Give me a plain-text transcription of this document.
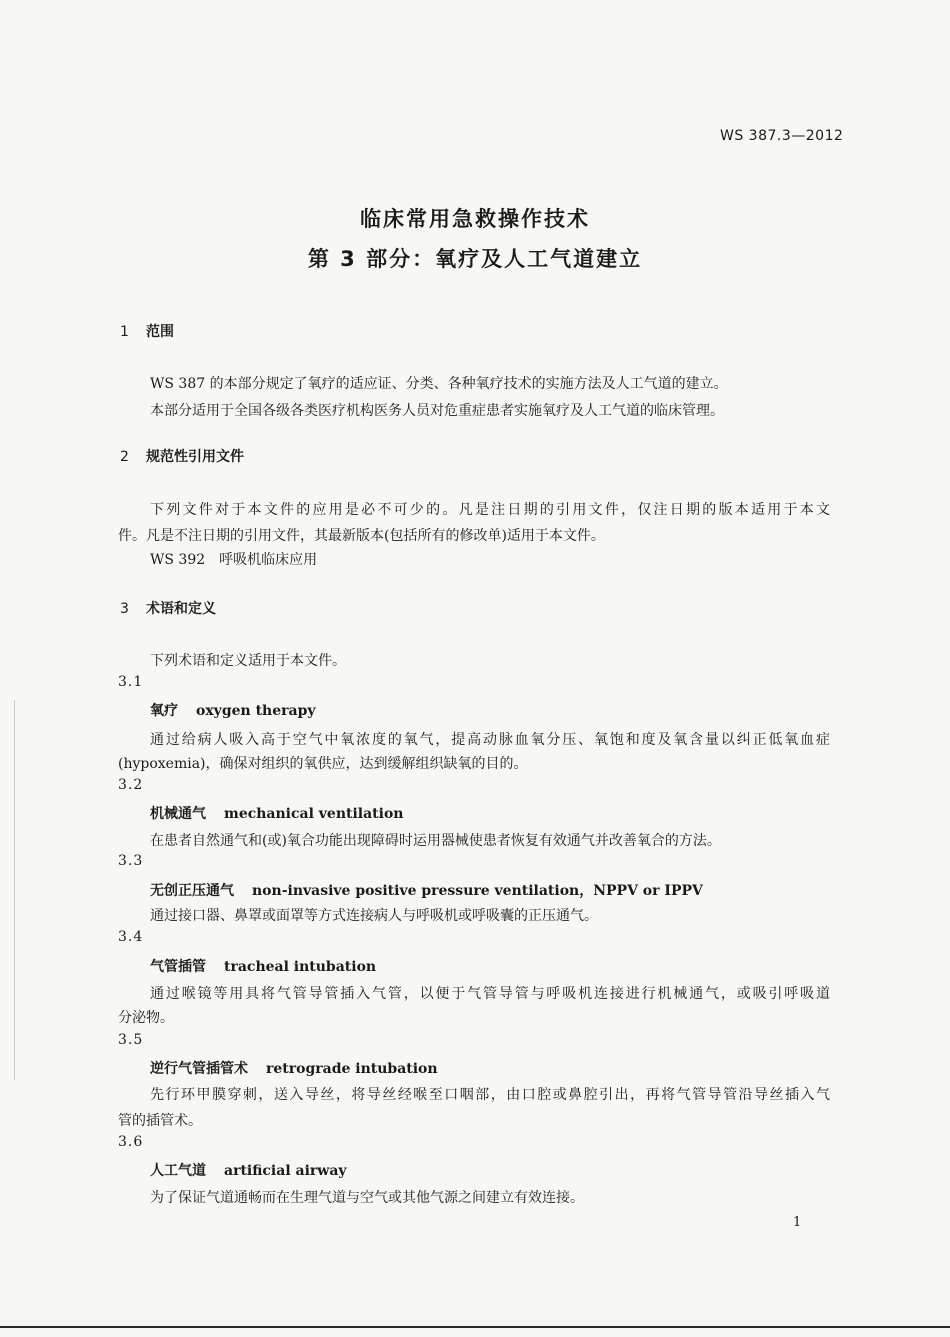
WS 387.3—2012
临床常用急救操作技术
第 3 部分：氧疗及人工气道建立
1 范围
WS 387 的本部分规定了氧疗的适应证、分类、各种氧疗技术的实施方法及人工气道的建立。
本部分适用于全国各级各类医疗机构医务人员对危重症患者实施氧疗及人工气道的临床管理。
2 规范性引用文件
下列文件对于本文件的应用是必不可少的。凡是注日期的引用文件，仅注日期的版本适用于本文
件。凡是不注日期的引用文件，其最新版本(包括所有的修改单)适用于本文件。
WS 392　呼吸机临床应用
3 术语和定义
下列术语和定义适用于本文件。
3.1
氧疗 oxygen therapy
通过给病人吸入高于空气中氧浓度的氧气，提高动脉血氧分压、氧饱和度及氧含量以纠正低氧血症
(hypoxemia)，确保对组织的氧供应，达到缓解组织缺氧的目的。
3.2
机械通气 mechanical ventilation
在患者自然通气和(或)氧合功能出现障碍时运用器械使患者恢复有效通气并改善氧合的方法。
3.3
无创正压通气 non-invasive positive pressure ventilation，NPPV or IPPV
通过接口器、鼻罩或面罩等方式连接病人与呼吸机或呼吸囊的正压通气。
3.4
气管插管 tracheal intubation
通过喉镜等用具将气管导管插入气管，以便于气管导管与呼吸机连接进行机械通气，或吸引呼吸道
分泌物。
3.5
逆行气管插管术 retrograde intubation
先行环甲膜穿刺，送入导丝，将导丝经喉至口咽部，由口腔或鼻腔引出，再将气管导管沿导丝插入气
管的插管术。
3.6
人工气道 artificial airway
为了保证气道通畅而在生理气道与空气或其他气源之间建立有效连接。
1
